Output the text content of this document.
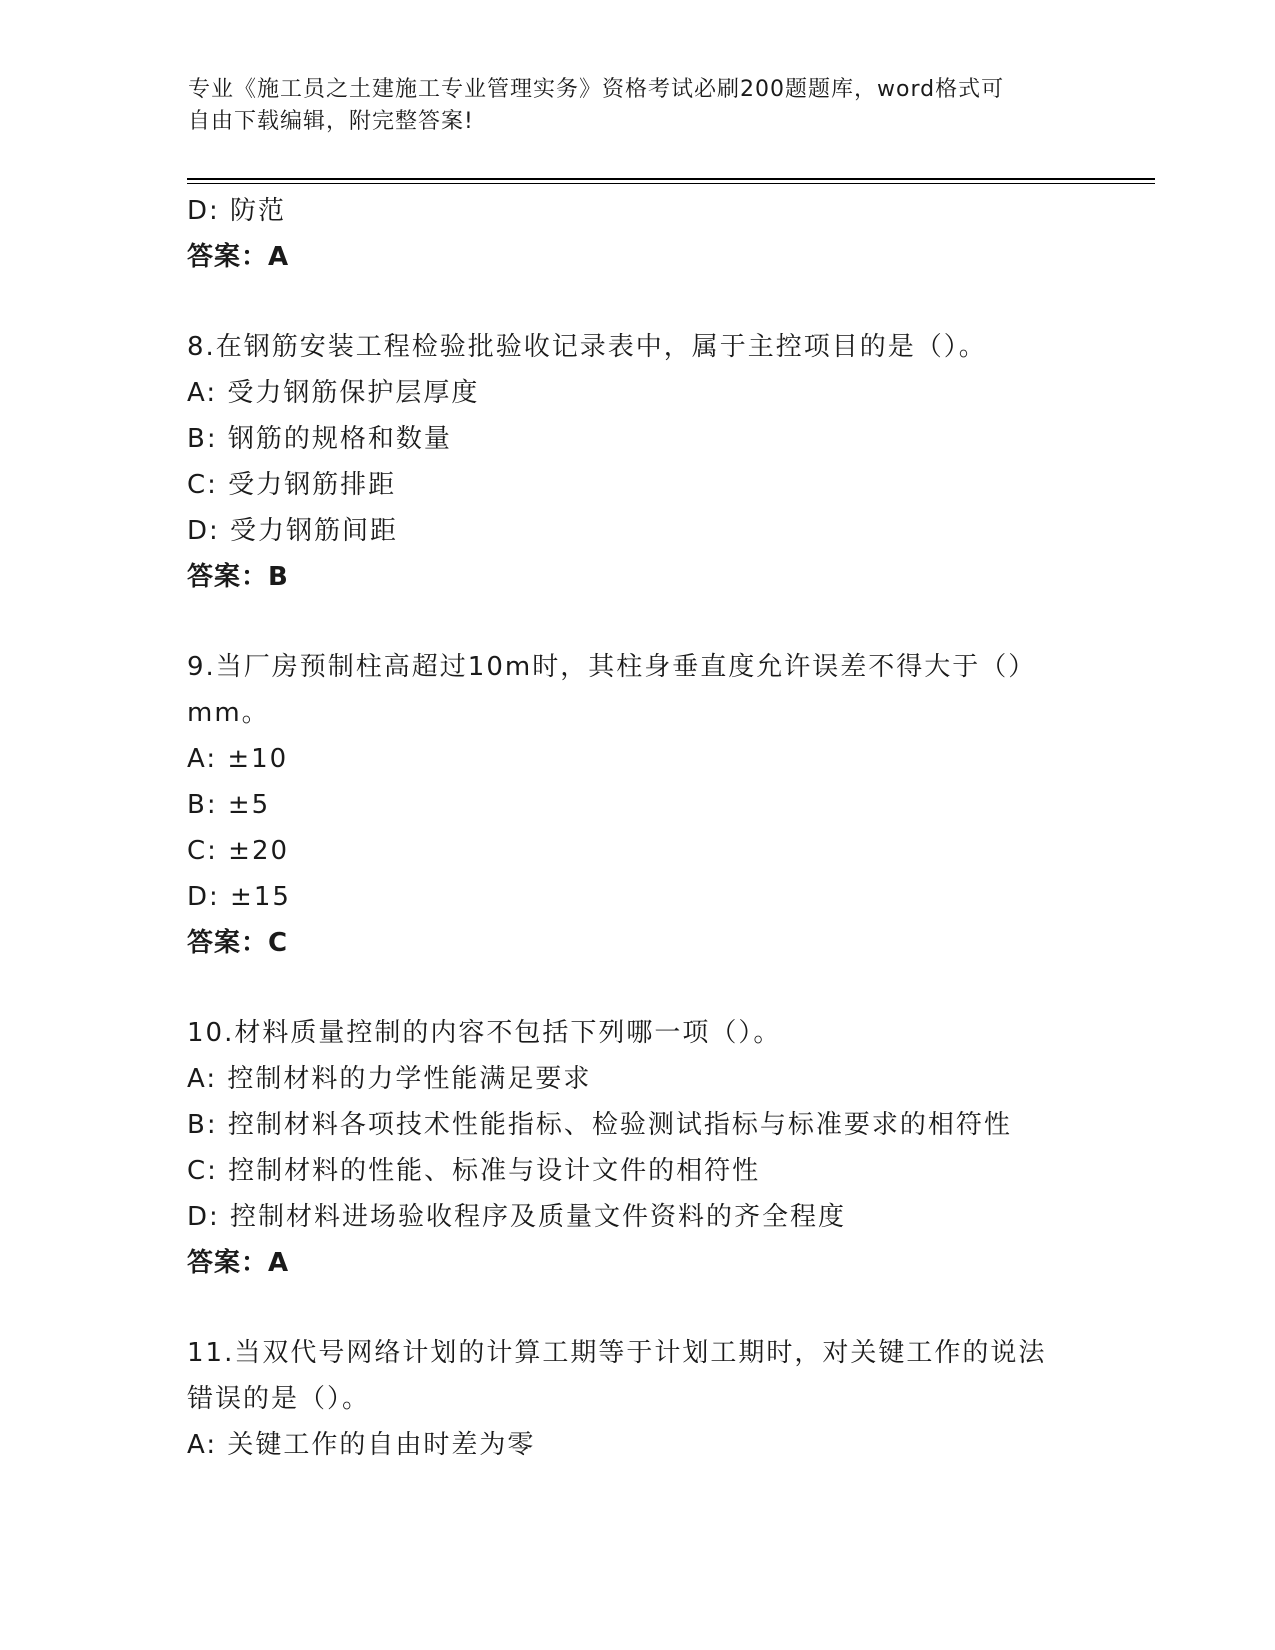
专业《施工员之土建施工专业管理实务》资格考试必刷200题题库，word格式可
自由下载编辑，附完整答案!
D: 防范
答案：A
8.在钢筋安装工程检验批验收记录表中，属于主控项目的是（）。
A: 受力钢筋保护层厚度
B: 钢筋的规格和数量
C: 受力钢筋排距
D: 受力钢筋间距
答案：B
9.当厂房预制柱高超过10m时，其柱身垂直度允许误差不得大于（）
mm。
A: ±10
B: ±5
C: ±20
D: ±15
答案：C
10.材料质量控制的内容不包括下列哪一项（）。
A: 控制材料的力学性能满足要求
B: 控制材料各项技术性能指标、检验测试指标与标准要求的相符性
C: 控制材料的性能、标准与设计文件的相符性
D: 控制材料进场验收程序及质量文件资料的齐全程度
答案：A
11.当双代号网络计划的计算工期等于计划工期时，对关键工作的说法
错误的是（）。
A: 关键工作的自由时差为零
